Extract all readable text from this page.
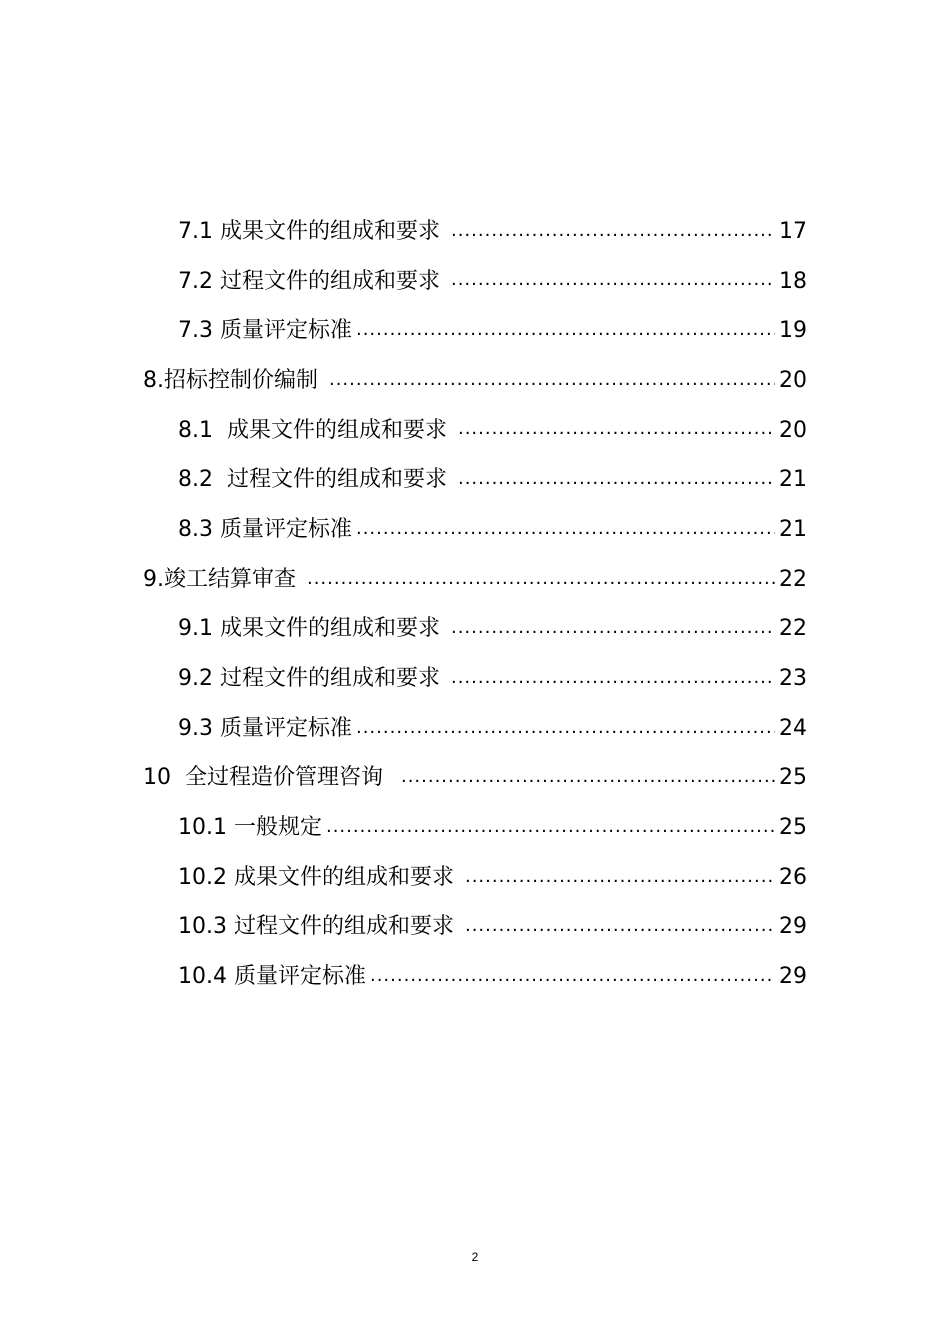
7.1 成果文件的组成和要求 .....	17
7.2 过程文件的组成和要求 .....	18
7.3 质量评定标准 .....	19
8.招标控制价编制 .....	20
8.1  成果文件的组成和要求 .....	20
8.2  过程文件的组成和要求 .....	21
8.3 质量评定标准 .....	21
9.竣工结算审查 .....	22
9.1 成果文件的组成和要求 .....	22
9.2 过程文件的组成和要求 .....	23
9.3 质量评定标准 .....	24
10  全过程造价管理咨询 .....	25
10.1 一般规定 .....	25
10.2 成果文件的组成和要求 .....	26
10.3 过程文件的组成和要求 .....	29
10.4 质量评定标准 .....	29
2
